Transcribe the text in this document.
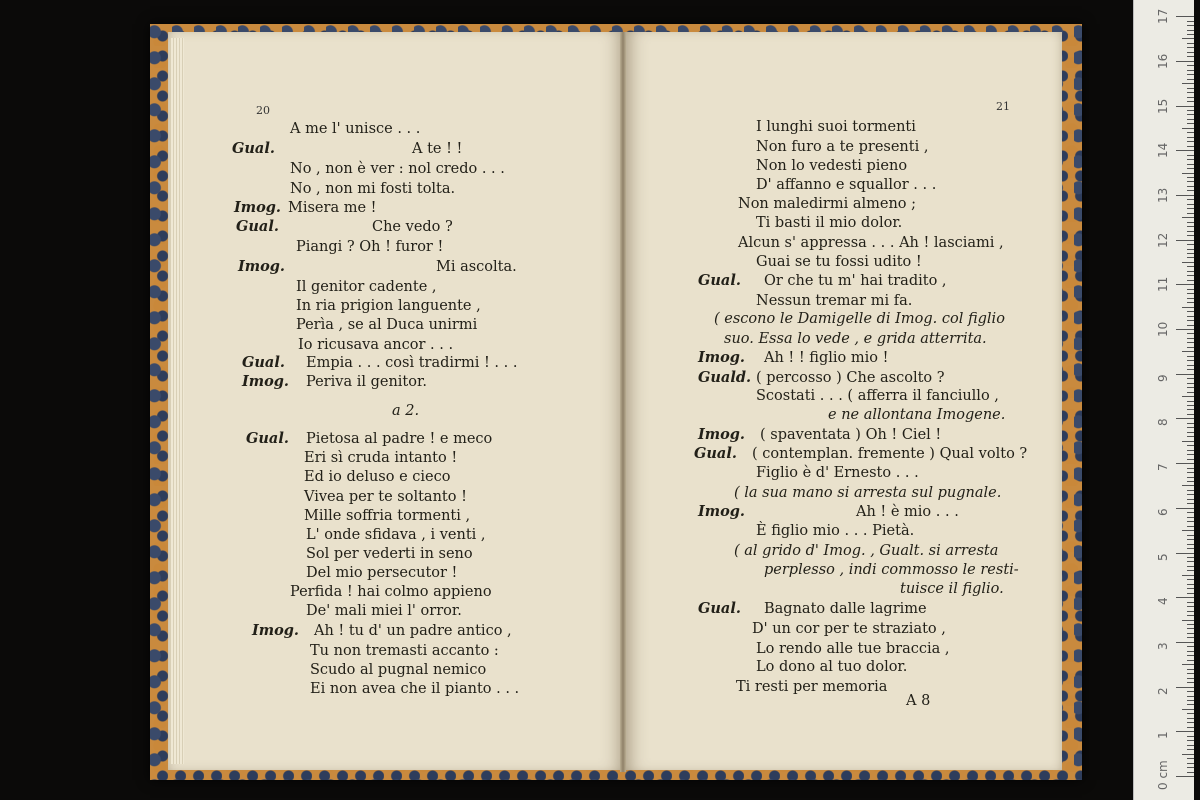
20	21
A me l' unisce . . .
Gual.	A te ! !
No , non è ver : nol credo . . .
No , non mi fosti tolta.
Imog. Misera me !
Gual.	Che vedo ?
Piangi ? Oh ! furor !
Imog.	Mi ascolta.
Il genitor cadente ,
In ria prigion languente ,
Perìa , se al Duca unirmi
Io ricusava ancor . . .
Gual. Empia . . . così tradirmi ! . . .
Imog. Periva il genitor.
a 2.
Gual. Pietosa al padre ! e meco
Eri sì cruda intanto !
Ed io deluso e cieco
Vivea per te soltanto !
Mille soffria tormenti ,
L' onde sfidava , i venti ,
Sol per vederti in seno
Del mio persecutor !
Perfida ! hai colmo appieno
De' mali miei l' orror.
Imog. Ah ! tu d' un padre antico ,
Tu non tremasti accanto :
Scudo al pugnal nemico
Ei non avea che il pianto . . .
I lunghi suoi tormenti
Non furo a te presenti ,
Non lo vedesti pieno
D' affanno e squallor . . .
Non maledirmi almeno ;
Ti basti il mio dolor.
Alcun s' appressa . . . Ah ! lasciami ,
Guai se tu fossi udito !
Gual. Or che tu m' hai tradito ,
Nessun tremar mi fa.
( escono le Damigelle di Imog. col figlio
suo. Essa lo vede , e grida atterrita.
Imog. Ah ! ! figlio mio !
Guald. ( percosso ) Che ascolto ?
Scostati . . . ( afferra il fanciullo ,
e ne allontana Imogene.
Imog. ( spaventata ) Oh ! Ciel !
Gual. ( contemplan. fremente ) Qual volto ?
Figlio è d' Ernesto . . .
( la sua mano si arresta sul pugnale.
Imog.	Ah ! è mio . . .
È figlio mio . . . Pietà.
( al grido d' Imog. , Gualt. si arresta
perplesso , indi commosso le resti-
tuisce il figlio.
Gual. Bagnato dalle lagrime
D' un cor per te straziato ,
Lo rendo alle tue braccia ,
Lo dono al tuo dolor.
Ti resti per memoria
A 8
0 cm
1
2
3
4
5
6
7
8
9
10
11
12
13
14
15
16
17
